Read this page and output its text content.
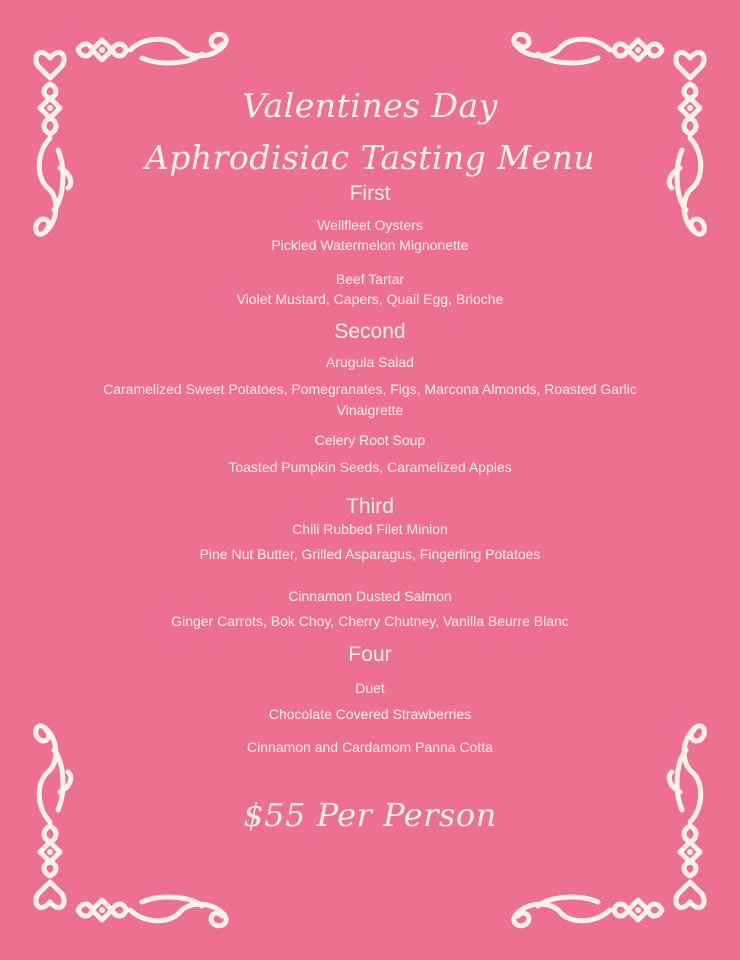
Valentines Day
Aphrodisiac Tasting Menu
First
Wellfleet Oysters
Pickled Watermelon Mignonette
Beef Tartar
Violet Mustard, Capers, Quail Egg, Brioche
Second
Arugula Salad
Caramelized Sweet Potatoes, Pomegranates, Figs, Marcona Almonds, Roasted Garlic
Vinaigrette
Celery Root Soup
Toasted Pumpkin Seeds, Caramelized Apples
Third
Chili Rubbed Filet Minion
Pine Nut Butter, Grilled Asparagus, Fingerling Potatoes
Cinnamon Dusted Salmon
Ginger Carrots, Bok Choy, Cherry Chutney, Vanilla Beurre Blanc
Four
Duet
Chocolate Covered Strawberries
Cinnamon and Cardamom Panna Cotta
$55 Per Person
